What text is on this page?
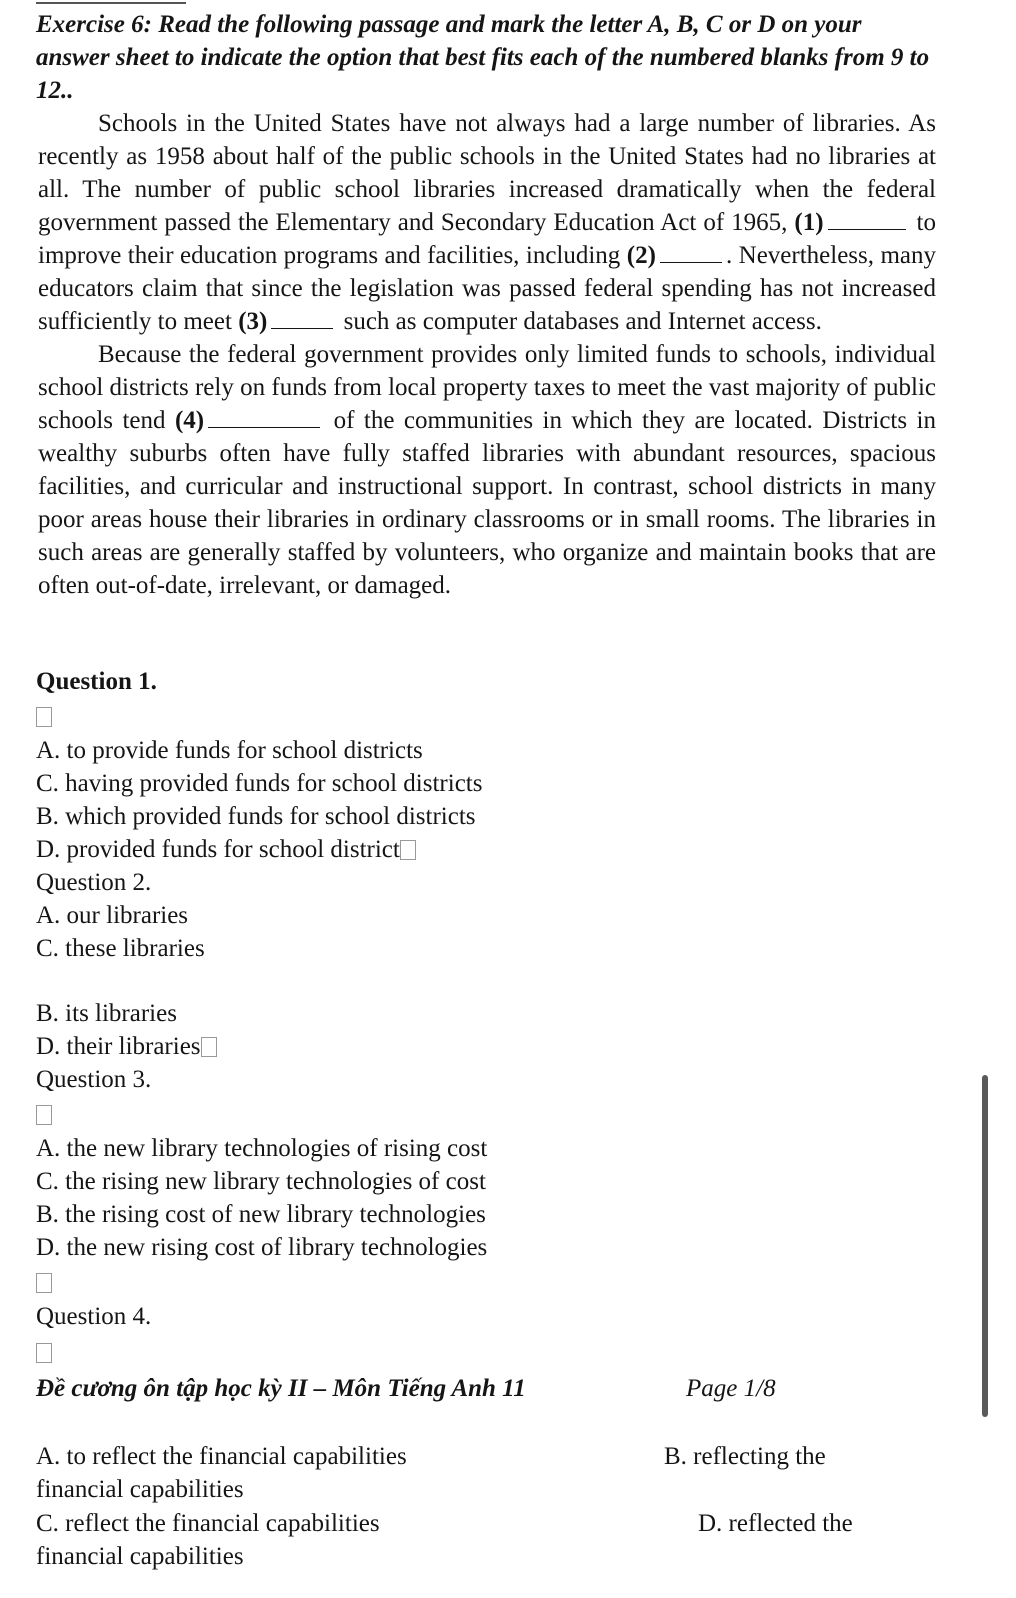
Exercise 6: Read the following passage and mark the letter A, B, C or D on your answer sheet to indicate the option that best fits each of the numbered blanks from 9 to 12..

Schools in the United States have not always had a large number of libraries. As recently as 1958 about half of the public schools in the United States had no libraries at all. The number of public school libraries increased dramatically when the federal government passed the Elementary and Secondary Education Act of 1965, (1)	to improve their education programs and facilities, including (2)	. Nevertheless, many educators claim that since the legislation was passed federal spending has not increased sufficiently to meet (3)	such as computer databases and Internet access.

Because the federal government provides only limited funds to schools, individual school districts rely on funds from local property taxes to meet the vast majority of public schools tend (4)	of the communities in which they are located. Districts in wealthy suburbs often have fully staffed libraries with abundant resources, spacious facilities, and curricular and instructional support. In contrast, school districts in many poor areas house their libraries in ordinary classrooms or in small rooms. The libraries in such areas are generally staffed by volunteers, who organize and maintain books that are often out-of-date, irrelevant, or damaged.

Question 1.
A. to provide funds for school districts
C. having provided funds for school districts
B. which provided funds for school districts
D. provided funds for school district
Question 2.
A. our libraries
C. these libraries
B. its libraries
D. their libraries
Question 3.
A. the new library technologies of rising cost
C. the rising new library technologies of cost
B. the rising cost of new library technologies
D. the new rising cost of library technologies
Question 4.
Đề cương ôn tập học kỳ II – Môn Tiếng Anh 11	Page 1/8
A. to reflect the financial capabilities	B. reflecting the
financial capabilities
C. reflect the financial capabilities	D. reflected the
financial capabilities
